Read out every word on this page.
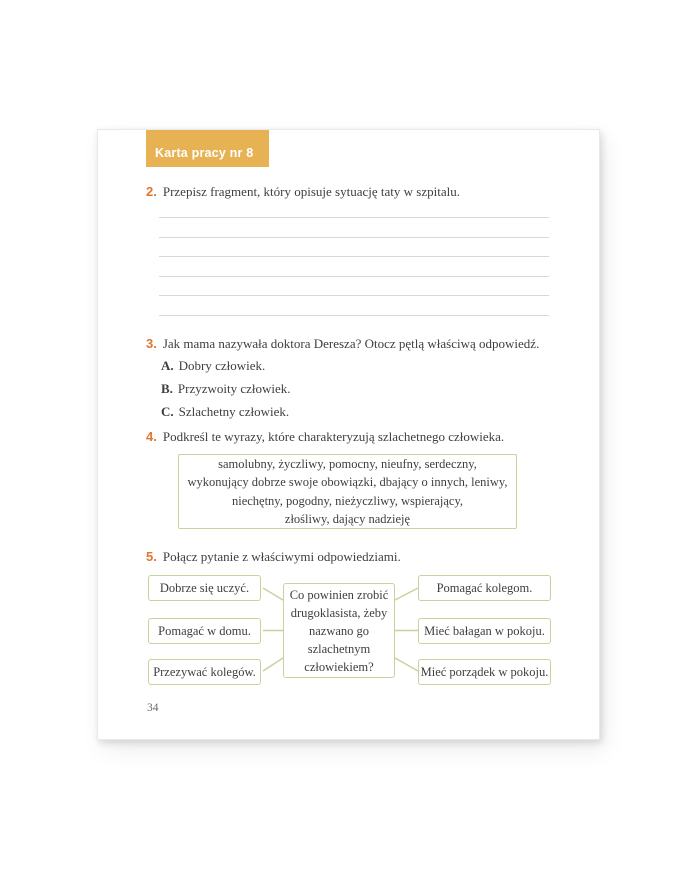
Karta pracy nr 8
2. Przepisz fragment, który opisuje sytuację taty w szpitalu.
3. Jak mama nazywała doktora Deresza? Otocz pętlą właściwą odpowiedź.
A. Dobry człowiek.
B. Przyzwoity człowiek.
C. Szlachetny człowiek.
4. Podkreśl te wyrazy, które charakteryzują szlachetnego człowieka.
samolubny, życzliwy, pomocny, nieufny, serdeczny,
wykonujący dobrze swoje obowiązki, dbający o innych, leniwy,
niechętny, pogodny, nieżyczliwy, wspierający,
złośliwy, dający nadzieję
5. Połącz pytanie z właściwymi odpowiedziami.
Dobrze się uczyć.
Pomagać w domu.
Przezywać kolegów.
Co powinien zrobić drugoklasista, żeby nazwano go szlachetnym człowiekiem?
Pomagać kolegom.
Mieć bałagan w pokoju.
Mieć porządek w pokoju.
34
